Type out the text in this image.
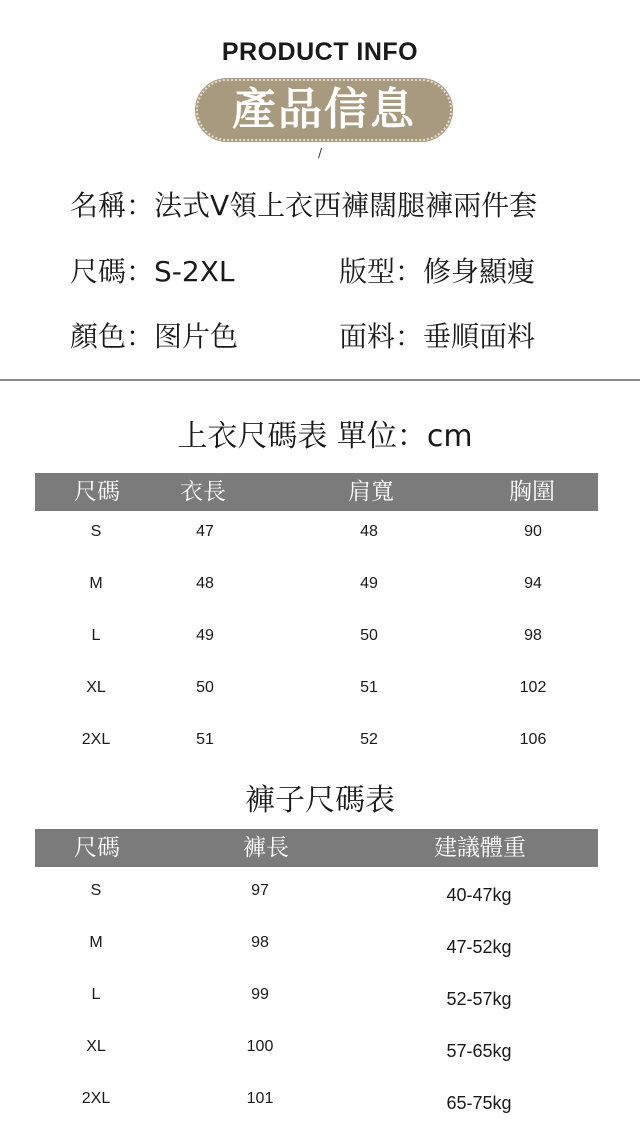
PRODUCT INFO
產品信息
/
名稱：法式V領上衣西褲闊腿褲兩件套
尺碼：S-2XL	版型：修身顯瘦
顏色：图片色	面料：垂順面料
上衣尺碼表 單位：cm
尺碼	衣長	肩寬	胸圍
S	47	48	90
M	48	49	94
L	49	50	98
XL	50	51	102
2XL	51	52	106
褲子尺碼表
尺碼	褲長	建議體重
S	97	40-47kg
M	98	47-52kg
L	99	52-57kg
XL	100	57-65kg
2XL	101	65-75kg
